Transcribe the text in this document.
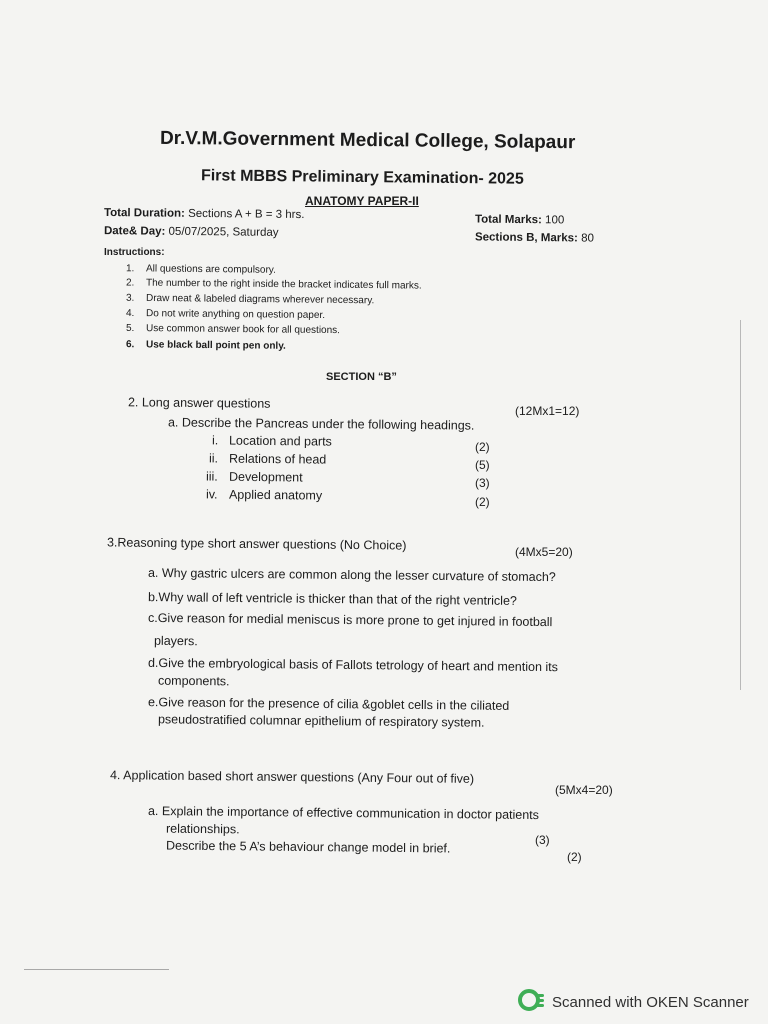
Dr.V.M.Government Medical College, Solapaur
First MBBS Preliminary Examination- 2025
ANATOMY PAPER-II
Total Duration: Sections A + B = 3 hrs.
Date& Day: 05/07/2025, Saturday
Total Marks: 100
Sections B, Marks: 80
Instructions:
1. All questions are compulsory.
2. The number to the right inside the bracket indicates full marks.
3. Draw neat & labeled diagrams wherever necessary.
4. Do not write anything on question paper.
5. Use common answer book for all questions.
6. Use black ball point pen only.
SECTION “B”
2. Long answer questions
(12Mx1=12)
a. Describe the Pancreas under the following headings.
i. Location and parts	(2)
ii. Relations of head	(5)
iii. Development	(3)
iv. Applied anatomy	(2)
3.Reasoning type short answer questions (No Choice)	(4Mx5=20)
a. Why gastric ulcers are common along the lesser curvature of stomach?
b.Why wall of left ventricle is thicker than that of the right ventricle?
c.Give reason for medial meniscus is more prone to get injured in football
players.
d.Give the embryological basis of Fallots tetrology of heart and mention its
components.
e.Give reason for the presence of cilia &goblet cells in the ciliated
pseudostratified columnar epithelium of respiratory system.
4. Application based short answer questions (Any Four out of five)
(5Mx4=20)
a. Explain the importance of effective communication in doctor patients
relationships.
(3)
Describe the 5 A’s behaviour change model in brief.
(2)
Scanned with OKEN Scanner
